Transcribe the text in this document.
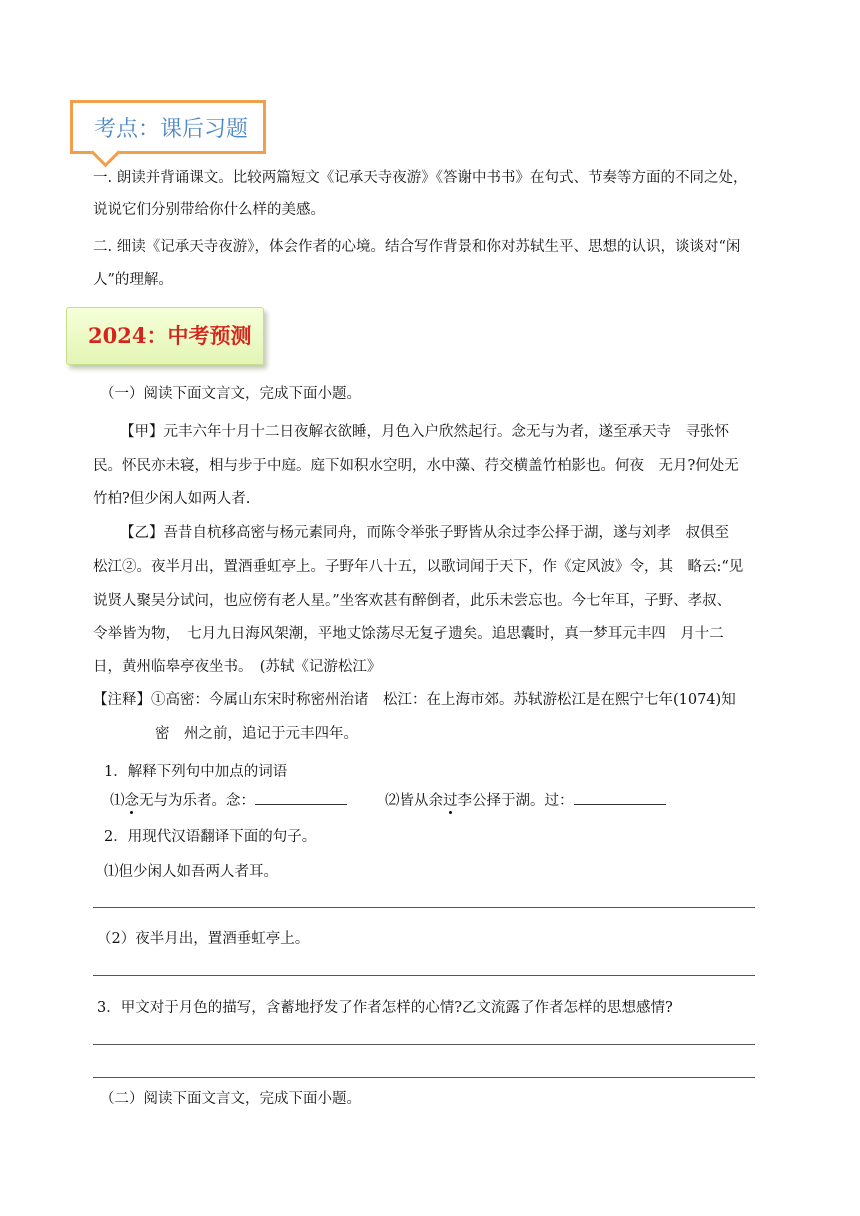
考点：课后习题
一. 朗读并背诵课文。比较两篇短文《记承天寺夜游》《答谢中书书》在句式、节奏等方面的不同之处，
说说它们分别带给你什么样的美感。
二. 细读《记承天寺夜游》，体会作者的心境。结合写作背景和你对苏轼生平、思想的认识，谈谈对“闲
人”的理解。
2024：中考预测
（一）阅读下面文言文，完成下面小题。
【甲】元丰六年十月十二日夜解衣欲睡，月色入户欣然起行。念无与为者，遂至承天寺　寻张怀
民。怀民亦未寝，相与步于中庭。庭下如积水空明，水中藻、荇交横盖竹柏影也。何夜　无月?何处无
竹柏?但少闲人如两人者.
【乙】吾昔自杭移高密与杨元素同舟，而陈令举张子野皆从余过李公择于湖，遂与刘孝　叔俱至
松江②。夜半月出，置酒垂虹亭上。子野年八十五，以歌词闻于天下，作《定风波》令，其　略云:“见
说贤人聚吴分试问，也应傍有老人星。”坐客欢甚有醉倒者，此乐未尝忘也。今七年耳，子野、孝叔、
令举皆为物，　七月九日海风架潮，平地丈馀荡尽无复孑遗矣。追思囊时，真一梦耳元丰四　月十二
日，黄州临皋亭夜坐书。　(苏轼《记游松江》
【注释】①高密：今属山东宋时称密州治诸　松江：在上海市郊。苏轼游松江是在熙宁七年(1074)知
密　州之前，追记于元丰四年。
1．解释下列句中加点的词语
⑴念无与为乐者。念：	⑵皆从余过李公择于湖。过：
2．用现代汉语翻译下面的句子。
⑴但少闲人如吾两人者耳。
（2）夜半月出，置酒垂虹亭上。
3．甲文对于月色的描写，含蓄地抒发了作者怎样的心情?乙文流露了作者怎样的思想感情?
（二）阅读下面文言文，完成下面小题。
